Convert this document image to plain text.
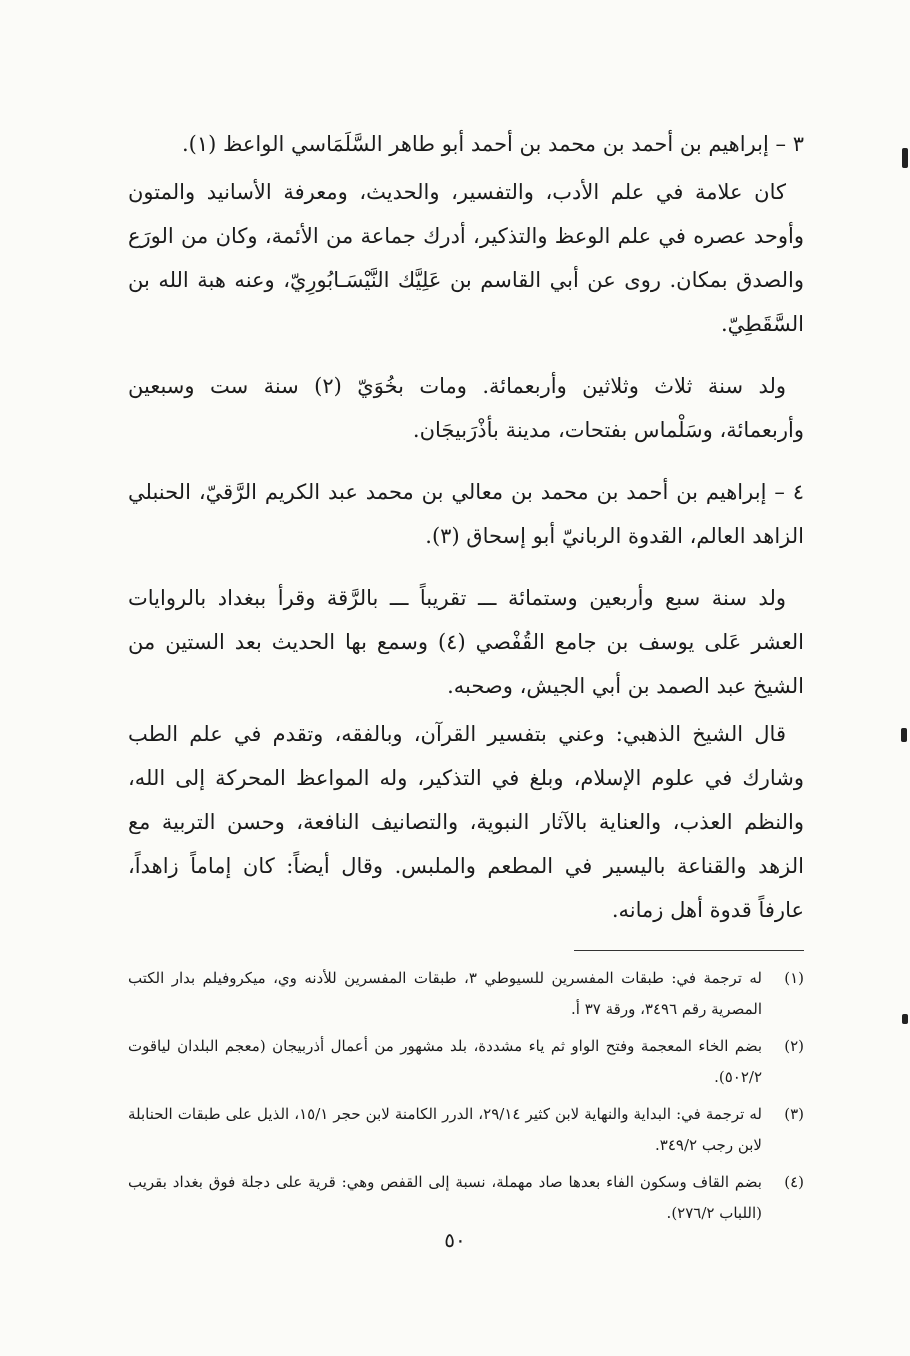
٣ – إبراهيم بن أحمد بن محمد بن أحمد أبو طاهر السَّلَمَاسي الواعظ (١).

كان علامة في علم الأدب، والتفسير، والحديث، ومعرفة الأسانيد والمتون وأوحد عصره في علم الوعظ والتذكير، أدرك جماعة من الأئمة، وكان من الورَع والصدق بمكان. روى عن أبي القاسم بن عَلِيَّك النَّيْسَـابُورِيّ، وعنه هبة الله بن السَّقَطِيّ.

ولد سنة ثلاث وثلاثين وأربعمائة. ومات بخُوَيّ (٢) سنة ست وسبعين وأربعمائة، وسَلْماس بفتحات، مدينة بأذْرَبيجَان.

٤ – إبراهيم بن أحمد بن محمد بن معالي بن محمد عبد الكريم الرَّقيّ، الحنبلي الزاهد العالم، القدوة الربانيّ أبو إسحاق (٣).

ولد سنة سبع وأربعين وستمائة ـــ تقريباً ـــ بالرَّقة وقرأ ببغداد بالروايات العشر عَلى يوسف بن جامع القُفْصي (٤) وسمع بها الحديث بعد الستين من الشيخ عبد الصمد بن أبي الجيش، وصحبه.

قال الشيخ الذهبي: وعني بتفسير القرآن، وبالفقه، وتقدم في علم الطب وشارك في علوم الإسلام، وبلغ في التذكير، وله المواعظ المحركة إلى الله، والنظم العذب، والعناية بالآثار النبوية، والتصانيف النافعة، وحسن التربية مع الزهد والقناعة باليسير في المطعم والملبس. وقال أيضاً: كان إماماً زاهداً، عارفاً قدوة أهل زمانه.

(١)
له ترجمة في: طبقات المفسرين للسيوطي ٣، طبقات المفسرين للأدنه وي، ميكروفيلم بدار الكتب المصرية رقم ٣٤٩٦، ورقة ٣٧ أ.
(٢)
بضم الخاء المعجمة وفتح الواو ثم ياء مشددة، بلد مشهور من أعمال أذربيجان (معجم البلدان لياقوت ٥٠٢/٢).
(٣)
له ترجمة في: البداية والنهاية لابن كثير ٢٩/١٤، الدرر الكامنة لابن حجر ١٥/١، الذيل على طبقات الحنابلة لابن رجب ٣٤٩/٢.
(٤)
بضم القاف وسكون الفاء بعدها صاد مهملة، نسبة إلى القفص وهي: قرية على دجلة فوق بغداد بقريب (اللباب ٢٧٦/٢).
٥٠
